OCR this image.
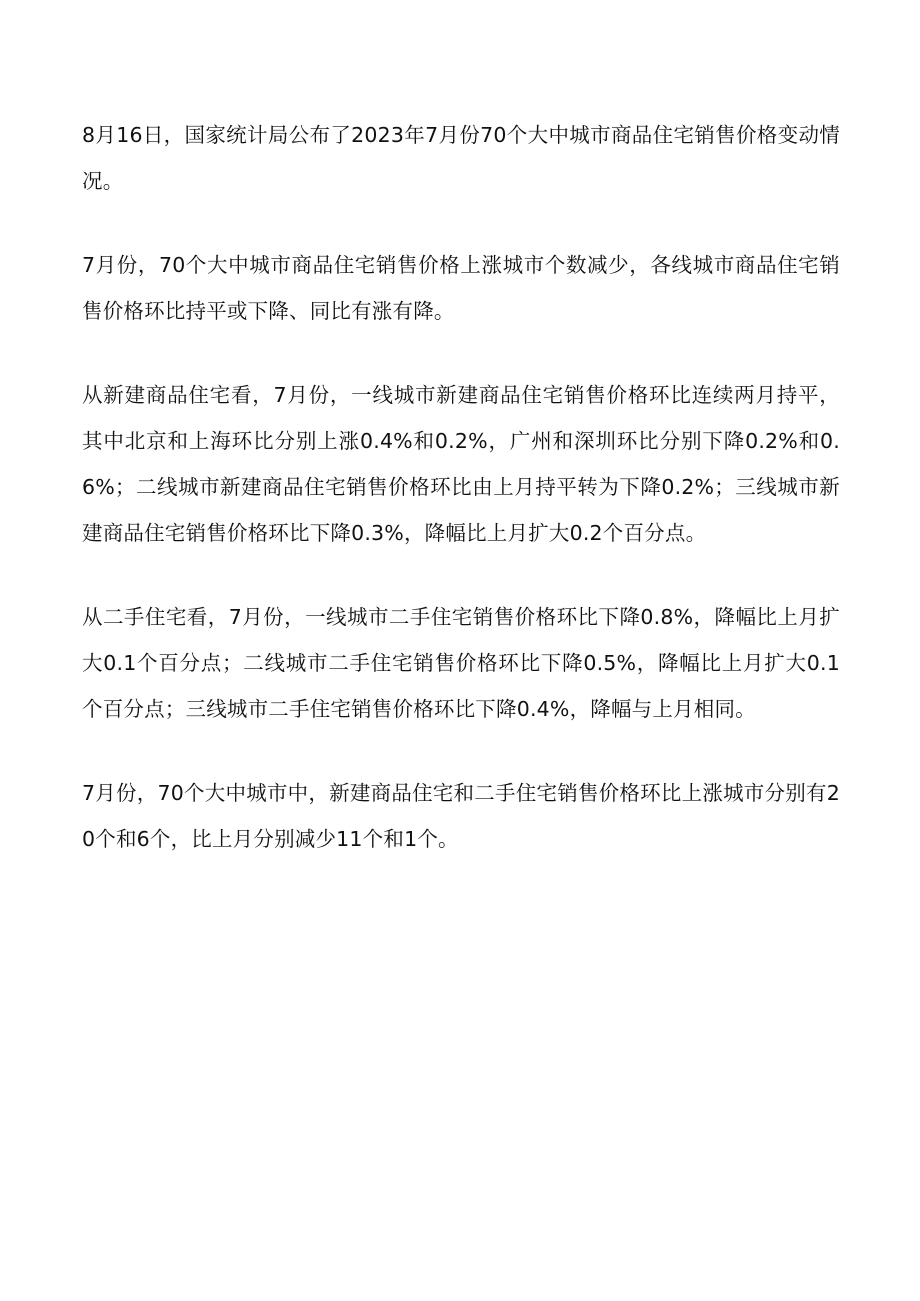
8月16日，国家统计局公布了2023年7月份70个大中城市商品住宅销售价格变动情况。

7月份，70个大中城市商品住宅销售价格上涨城市个数减少，各线城市商品住宅销售价格环比持平或下降、同比有涨有降。

从新建商品住宅看，7月份，一线城市新建商品住宅销售价格环比连续两月持平，其中北京和上海环比分别上涨0.4%和0.2%，广州和深圳环比分别下降0.2%和0.6%；二线城市新建商品住宅销售价格环比由上月持平转为下降0.2%；三线城市新建商品住宅销售价格环比下降0.3%，降幅比上月扩大0.2个百分点。

从二手住宅看，7月份，一线城市二手住宅销售价格环比下降0.8%，降幅比上月扩大0.1个百分点；二线城市二手住宅销售价格环比下降0.5%，降幅比上月扩大0.1个百分点；三线城市二手住宅销售价格环比下降0.4%，降幅与上月相同。

7月份，70个大中城市中，新建商品住宅和二手住宅销售价格环比上涨城市分别有20个和6个，比上月分别减少11个和1个。
